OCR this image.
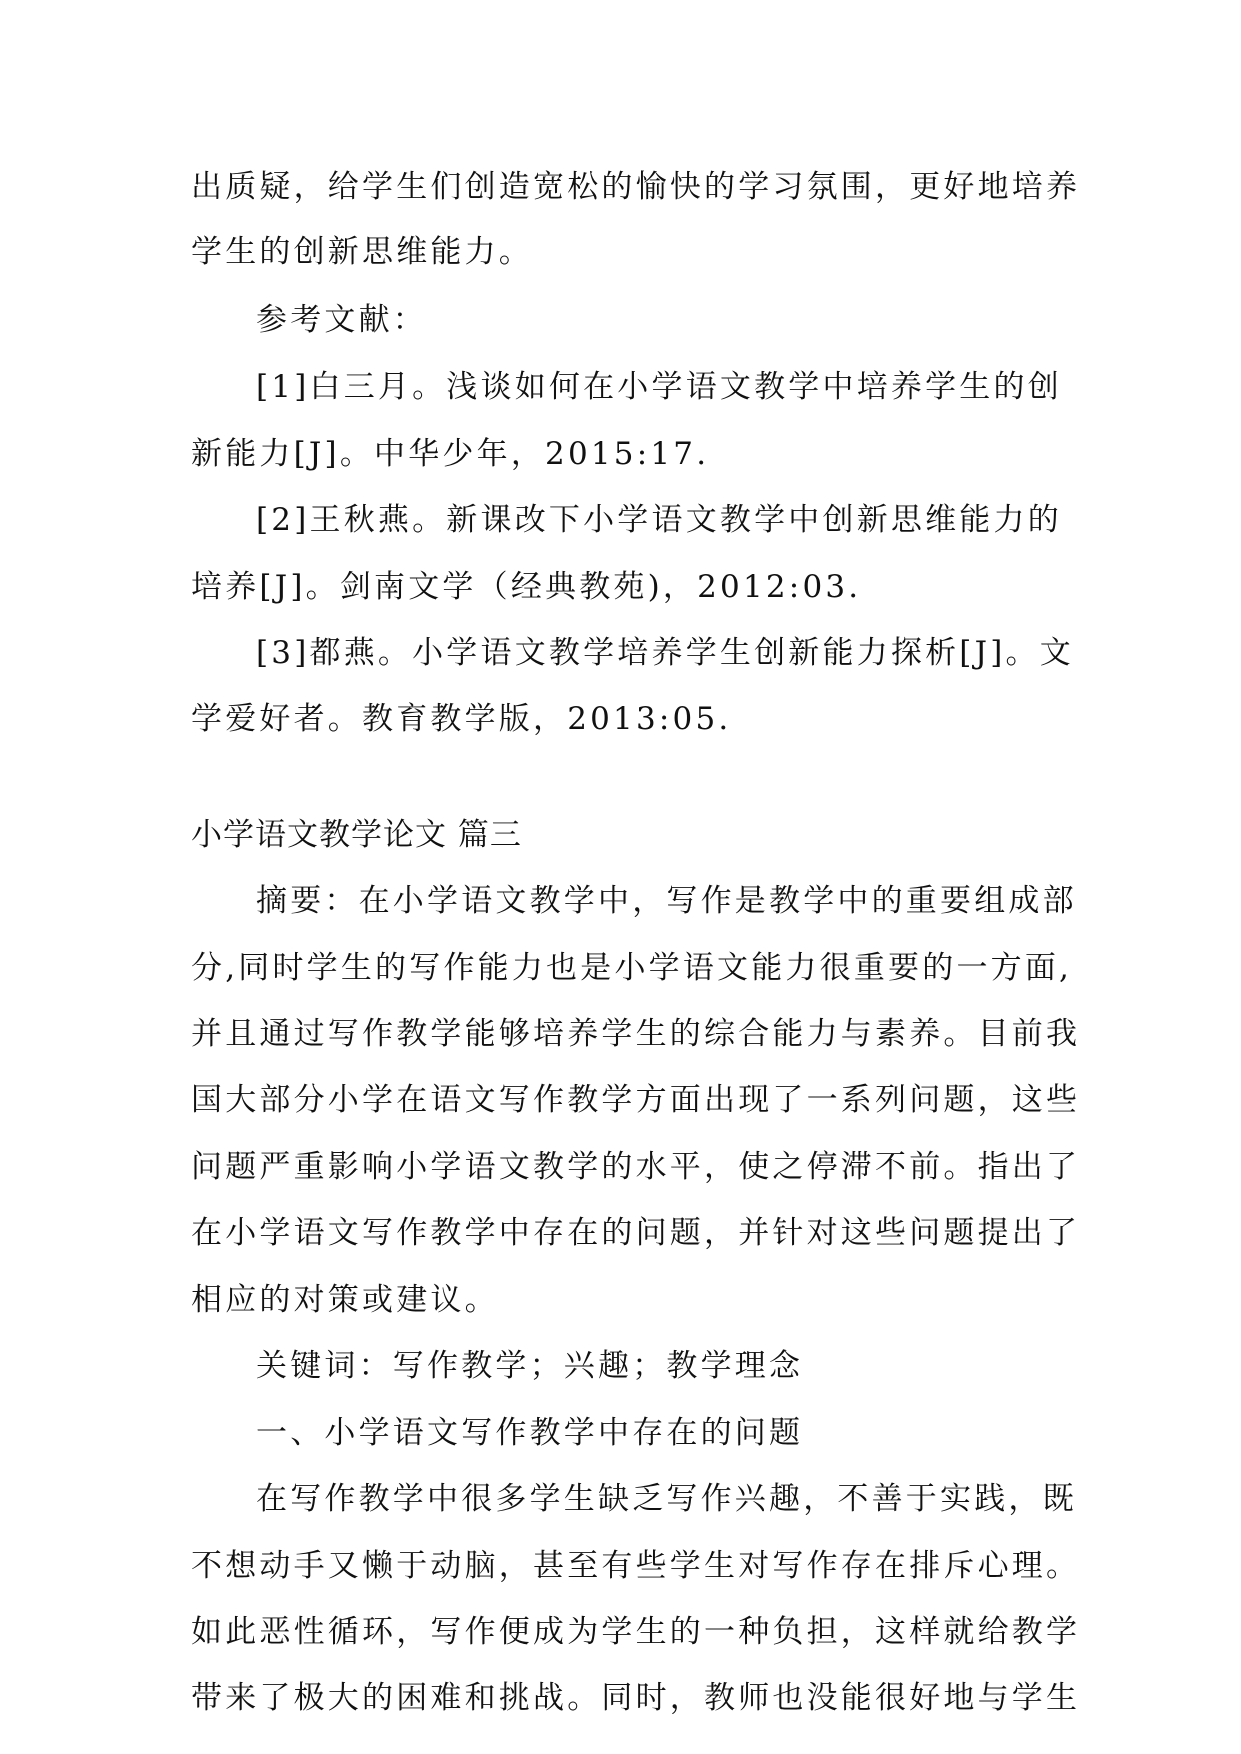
出质疑，给学生们创造宽松的愉快的学习氛围，更好地培养
学生的创新思维能力。
参考文献：
[1]白三月。浅谈如何在小学语文教学中培养学生的创
新能力[J]。中华少年，2015:17.
[2]王秋燕。新课改下小学语文教学中创新思维能力的
培养[J]。剑南文学（经典教苑)，2012:03.
[3]都燕。小学语文教学培养学生创新能力探析[J]。文
学爱好者。教育教学版，2013:05.
小学语文教学论文 篇三
摘要：在小学语文教学中，写作是教学中的重要组成部
分,同时学生的写作能力也是小学语文能力很重要的一方面,
并且通过写作教学能够培养学生的综合能力与素养。目前我
国大部分小学在语文写作教学方面出现了一系列问题，这些
问题严重影响小学语文教学的水平，使之停滞不前。指出了
在小学语文写作教学中存在的问题，并针对这些问题提出了
相应的对策或建议。
关键词：写作教学；兴趣；教学理念
一、小学语文写作教学中存在的问题
在写作教学中很多学生缺乏写作兴趣，不善于实践，既
不想动手又懒于动脑，甚至有些学生对写作存在排斥心理。
如此恶性循环，写作便成为学生的一种负担，这样就给教学
带来了极大的困难和挑战。同时，教师也没能很好地与学生
